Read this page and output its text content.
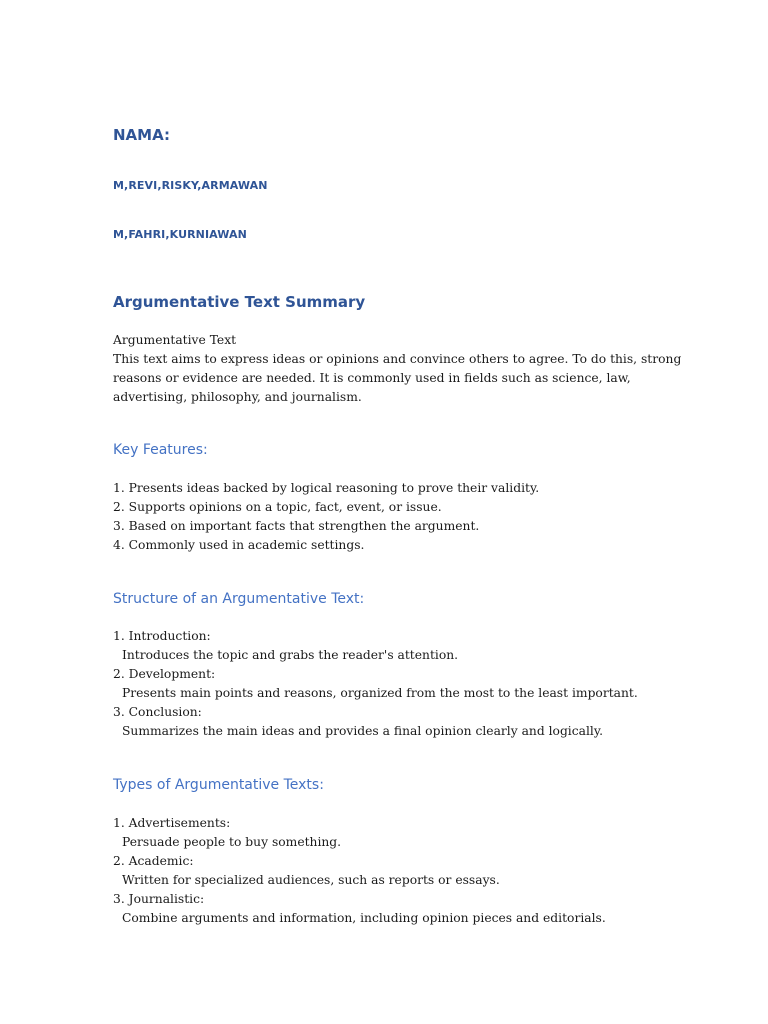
NAMA:
M,REVI,RISKY,ARMAWAN
M,FAHRI,KURNIAWAN
Argumentative Text Summary
Argumentative Text
This text aims to express ideas or opinions and convince others to agree. To do this, strong
reasons or evidence are needed. It is commonly used in fields such as science, law,
advertising, philosophy, and journalism.
Key Features:
1. Presents ideas backed by logical reasoning to prove their validity.
2. Supports opinions on a topic, fact, event, or issue.
3. Based on important facts that strengthen the argument.
4. Commonly used in academic settings.
Structure of an Argumentative Text:
1. Introduction:
Introduces the topic and grabs the reader's attention.
2. Development:
Presents main points and reasons, organized from the most to the least important.
3. Conclusion:
Summarizes the main ideas and provides a final opinion clearly and logically.
Types of Argumentative Texts:
1. Advertisements:
Persuade people to buy something.
2. Academic:
Written for specialized audiences, such as reports or essays.
3. Journalistic:
Combine arguments and information, including opinion pieces and editorials.
